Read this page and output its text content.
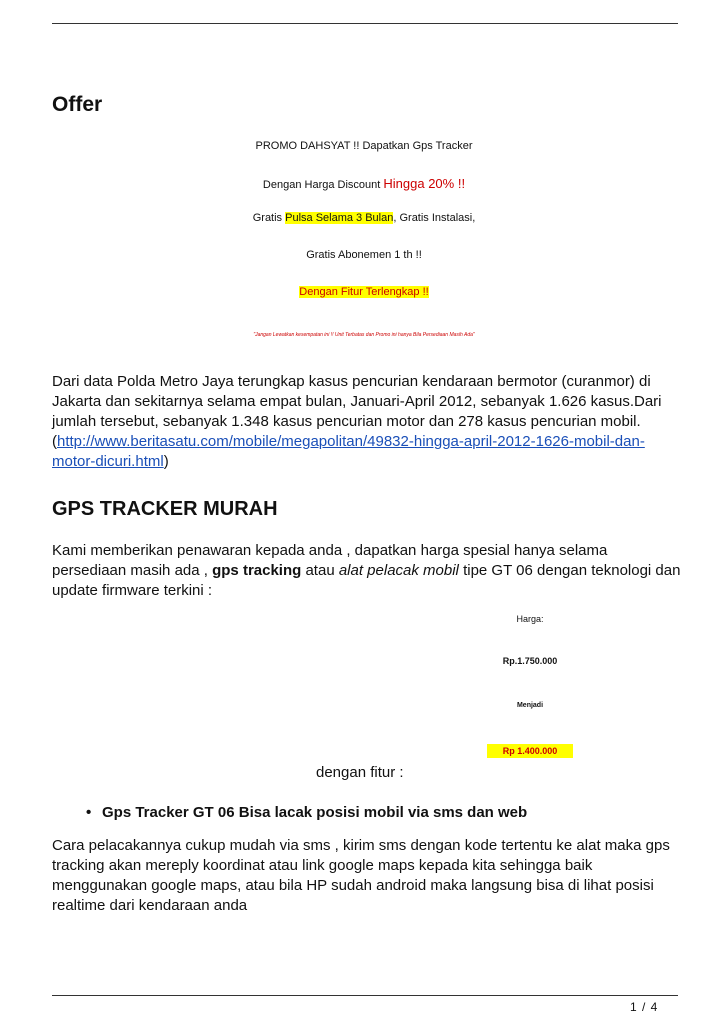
Offer
PROMO DAHSYAT !! Dapatkan Gps Tracker
Dengan Harga Discount Hingga 20% !!
Gratis Pulsa Selama 3 Bulan, Gratis Instalasi,
Gratis Abonemen 1 th !!
Dengan Fitur Terlengkap !!
"Jangan Lewatkan kesempatan ini !! Unit Terbatas dan Promo ini hanya Bila Persediaan Masih Ada"

Dari data Polda Metro Jaya terungkap kasus pencurian kendaraan bermotor (curanmor) di Jakarta dan sekitarnya selama empat bulan, Januari-April 2012, sebanyak 1.626 kasus.Dari jumlah tersebut, sebanyak 1.348 kasus pencurian motor dan 278 kasus pencurian mobil.(http://www.beritasatu.com/mobile/megapolitan/49832-hingga-april-2012-1626-mobil-dan-motor-dicuri.html)

GPS TRACKER MURAH

Kami memberikan penawaran kepada anda , dapatkan harga spesial hanya selama persediaan masih ada , gps tracking atau alat pelacak mobil tipe GT 06 dengan teknologi dan update firmware terkini :

Harga:
Rp.1.750.000
Menjadi
Rp 1.400.000
dengan fitur :
• Gps Tracker GT 06 Bisa lacak posisi mobil via sms dan web

Cara pelacakannya cukup mudah via sms , kirim sms dengan kode tertentu ke alat maka gps tracking akan mereply koordinat atau link google maps kepada kita sehingga baik menggunakan google maps, atau bila HP sudah android maka langsung bisa di lihat posisi realtime dari kendaraan anda

1 / 4
